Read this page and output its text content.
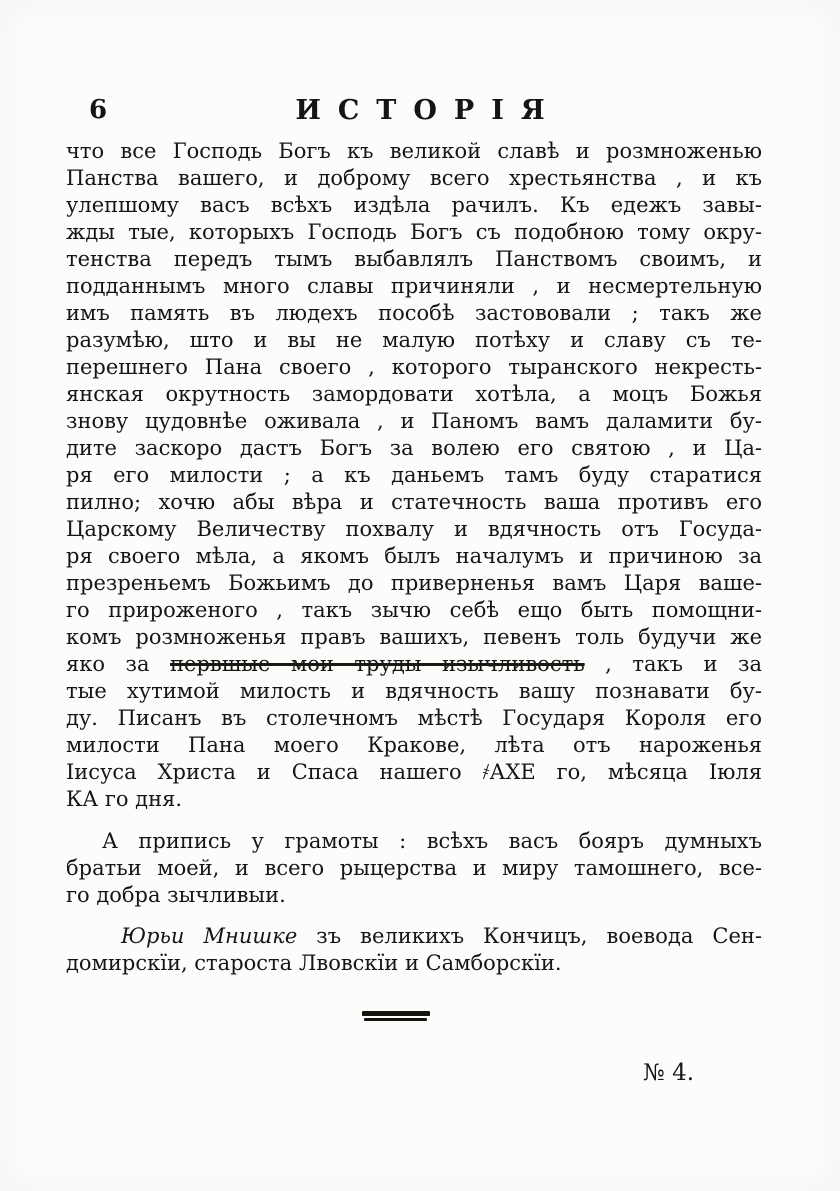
6	ИСТОРІЯ
что все Господь Богъ къ великой славѣ и розмноженью
Панства вашего, и доброму всего хрестьянства , и къ
улепшому васъ всѣхъ издѣла рачилъ. Къ едежъ завы-
жды тые, которыхъ Господь Богъ съ подобною тому окру-
тенства передъ тымъ выбавлялъ Панствомъ своимъ, и
подданнымъ много славы причиняли , и несмертельную
имъ память въ людехъ пособѣ застововали ; такъ же
разумѣю, што и вы не малую потѣху и славу съ те-
перешнего Пана своего , которого тыранского некресть-
янская окрутность замордовати хотѣла, а моцъ Божья
знову цудовнѣе оживала , и Паномъ вамъ даламити бу-
дите заскоро дастъ Богъ за волею его святою , и Ца-
ря его милости ; а къ даньемъ тамъ буду старатися
пилно; хочю абы вѣра и статечность ваша противъ его
Царскому Величеству похвалу и вдячность отъ Госуда-
ря своего мѣла, а якомъ былъ началумъ и причиною за
презреньемъ Божьимъ до приверненья вамъ Царя ваше-
го прироженого , такъ зычю себѣ ещо быть помощни-
комъ розмноженья правъ вашихъ, певенъ толь будучи же
яко за первшые мои труды изычливость , такъ и за
тые хутимой милость и вдячность вашу познавати бу-
ду. Писанъ въ столечномъ мѣстѣ Государя Короля его
милости Пана моего Кракове, лѣта отъ нароженья
Іисуса Христа и Спаса нашего ҂АХЕ го, мѣсяца Іюля
КА го дня.
А припись у грамоты : всѣхъ васъ бояръ думныхъ
братьи моей, и всего рыцерства и миру тамошнего, все-
го добра зычливыи.
Юрьи Мнишке зъ великихъ Кончицъ, воевода Сен-
домирскїи, староста Лвовскїи и Самборскїи.
№ 4.
